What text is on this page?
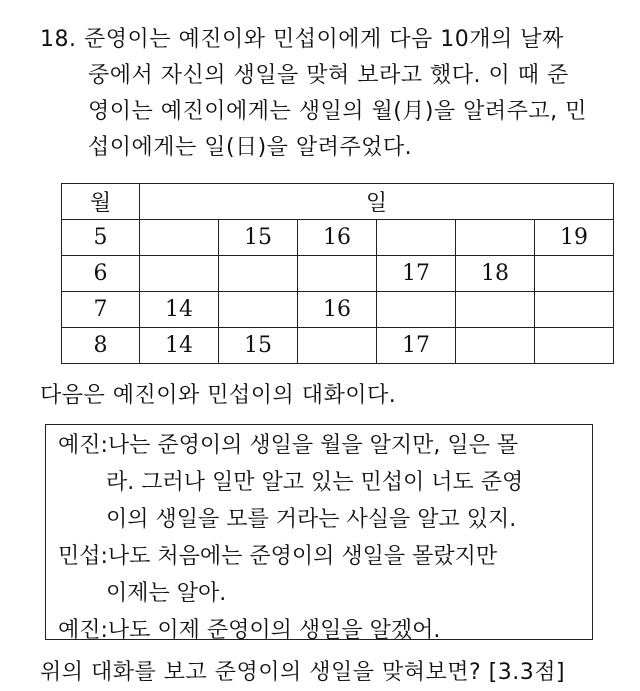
18. 준영이는 예진이와 민섭이에게 다음 10개의 날짜
중에서 자신의 생일을 맞혀 보라고 했다. 이 때 준
영이는 예진이에게는 생일의 월(月)을 알려주고, 민
섭이에게는 일(日)을 알려주었다.
월	일					
5		15	16			19
6				17	18	
7	14		16			
8	14	15		17		
다음은 예진이와 민섭이의 대화이다.
예진:나는 준영이의 생일을 월을 알지만, 일은 몰
라. 그러나 일만 알고 있는 민섭이 너도 준영
이의 생일을 모를 거라는 사실을 알고 있지.
민섭:나도 처음에는 준영이의 생일을 몰랐지만
이제는 알아.
예진:나도 이제 준영이의 생일을 알겠어.
위의 대화를 보고 준영이의 생일을 맞혀보면? [3.3점]
